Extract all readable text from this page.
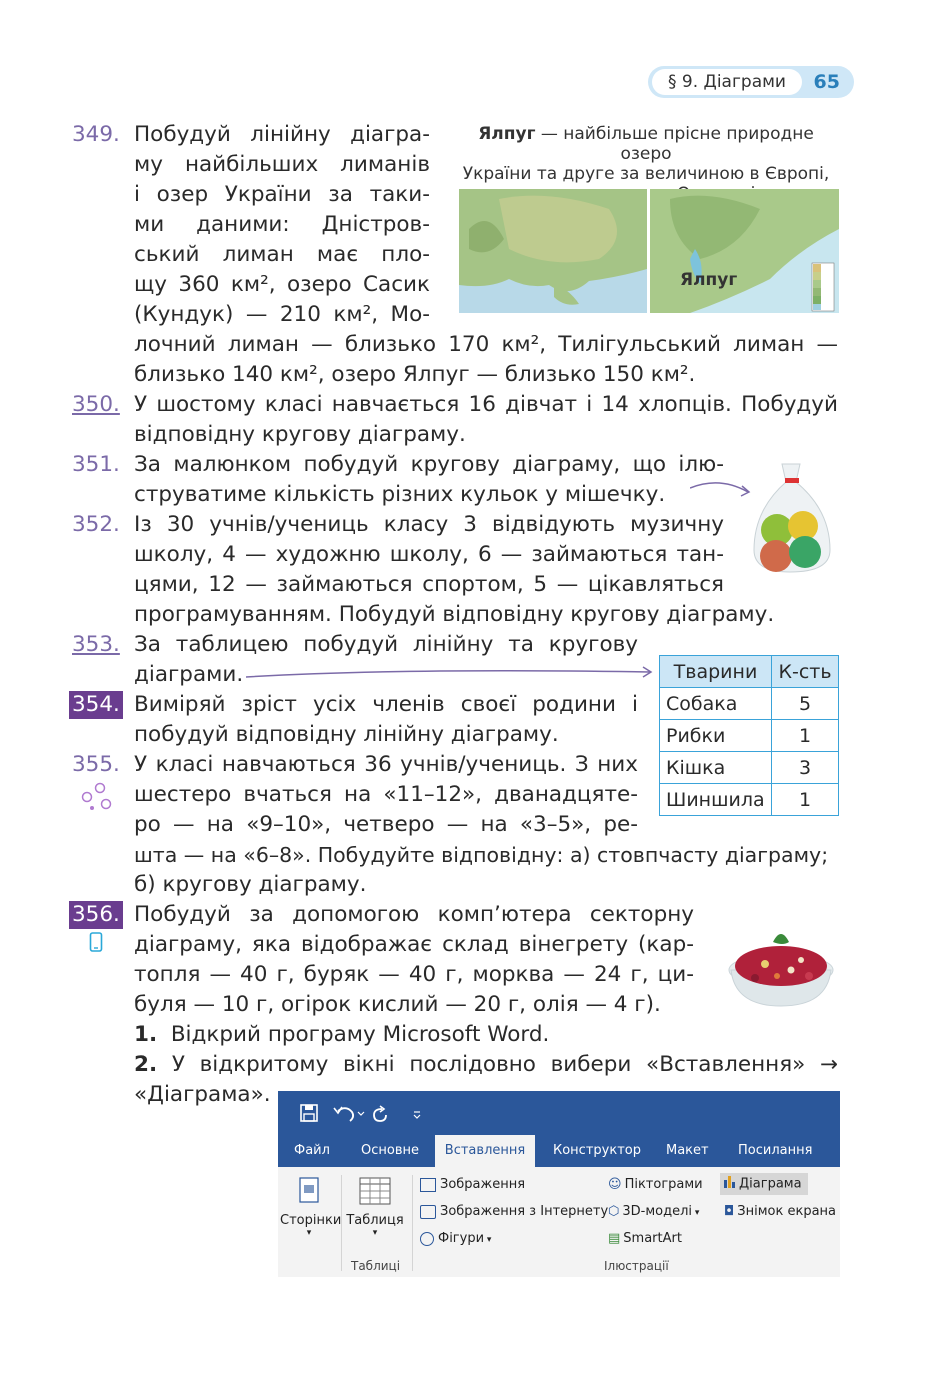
§ 9. Діаграми	65
Ялпуг — найбільше прісне природне озеро
України та друге за величиною в Європі,
Ялпуг
349. Побудуй лінійну діагра-
му найбільших лиманів
і озер України за таки-
ми даними: Дністров-
ський лиман має пло-
щу 360 км², озеро Сасик
(Кундук) — 210 км², Мо-
лочний лиман — близько 170 км², Тилігульський лиман —
близько 140 км², озеро Ялпуг — близько 150 км².
350. У шостому класі навчається 16 дівчат і 14 хлопців. Побудуй
відповідну кругову діаграму.
351. За малюнком побудуй кругову діаграму, що ілю-
струватиме кількість різних кульок у мішечку.
352. Із 30 учнів/учениць класу 3 відвідують музичну
школу, 4 — художню школу, 6 — займаються тан-
цями, 12 — займаються спортом, 5 — цікавляться
програмуванням. Побудуй відповідну кругову діаграму.
353. За таблицею побудуй лінійну та кругову
діаграми.	Тварини	К-сть
Собака	5
Рибки	1
Кішка	3
Шиншила	1
354. Виміряй зріст усіх членів своєї родини і
побудуй відповідну лінійну діаграму.
355. У класі навчаються 36 учнів/учениць. З них
шестеро вчаться на «11–12», дванадцяте-
ро — на «9–10», четверо — на «3–5», ре-
шта — на «6–8». Побудуйте відповідну: а) стовпчасту діаграму;
б) кругову діаграму.
356. Побудуй за допомогою комп’ютера секторну
діаграму, яка відображає склад вінегрету (кар-
топля — 40 г, буряк — 40 г, морква — 24 г, ци-
буля — 10 г, огірок кислий — 20 г, олія — 4 г).
1. Відкрий програму Microsoft Word.
2. У відкритому вікні послідовно вибери «Вставлення» →
«Діаграма».
Файл Основне	Вставлення	Конструктор Макет Посилання
Сторінки
▾
Таблиця
▾
Таблиці
Зображення
Зображення з Інтернету
Фігури ▾
☺ Піктограми
⬡ 3D-моделі ▾
▤ SmartArt
Діаграма
◘ Знімок екрана
Ілюстрації
